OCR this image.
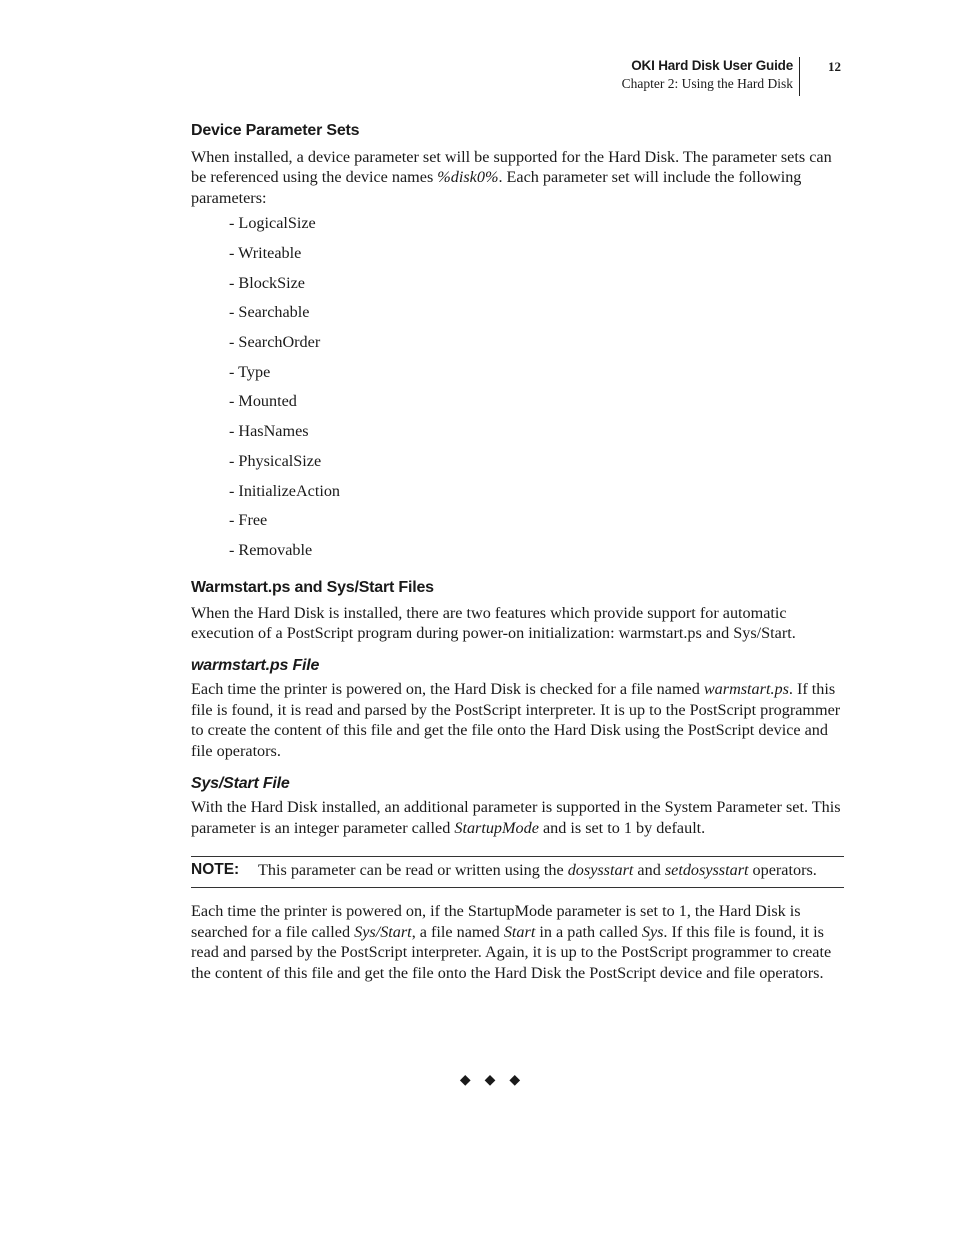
OKI Hard Disk User Guide
Chapter 2: Using the Hard Disk
12
Device Parameter Sets

When installed, a device parameter set will be supported for the Hard Disk. The parameter sets can be referenced using the device names %disk0%. Each parameter set will include the following parameters:

- LogicalSize
- Writeable
- BlockSize
- Searchable
- SearchOrder
- Type
- Mounted
- HasNames
- PhysicalSize
- InitializeAction
- Free
- Removable
Warmstart.ps and Sys/Start Files

When the Hard Disk is installed, there are two features which provide support for automatic execution of a PostScript program during power-on initialization: warmstart.ps and Sys/Start.

warmstart.ps File

Each time the printer is powered on, the Hard Disk is checked for a file named warmstart.ps. If this file is found, it is read and parsed by the PostScript interpreter. It is up to the PostScript programmer to create the content of this file and get the file onto the Hard Disk using the PostScript device and file operators.

Sys/Start File

With the Hard Disk installed, an additional parameter is supported in the System Parameter set. This parameter is an integer parameter called StartupMode and is set to 1 by default.

NOTE:	This parameter can be read or written using the dosysstart and setdosysstart operators.

Each time the printer is powered on, if the StartupMode parameter is set to 1, the Hard Disk is searched for a file called Sys/Start, a file named Start in a path called Sys. If this file is found, it is read and parsed by the PostScript interpreter. Again, it is up to the PostScript programmer to create the content of this file and get the file onto the Hard Disk the PostScript device and file operators.

◆◆◆
